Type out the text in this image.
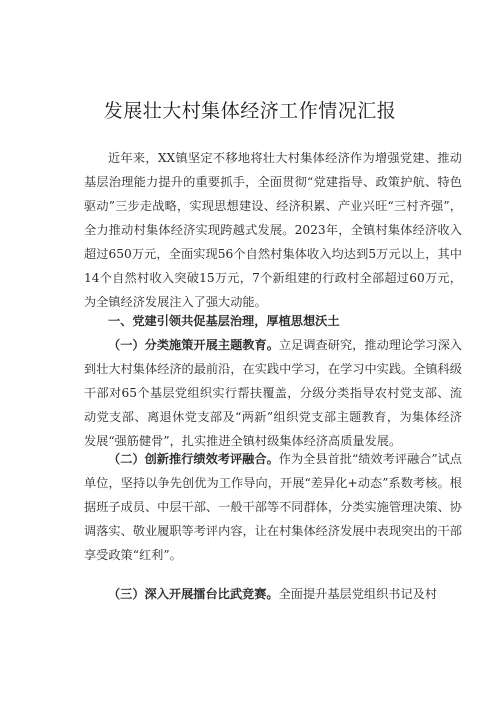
发展壮大村集体经济工作情况汇报
近年来，XX镇坚定不移地将壮大村集体经济作为增强党建、推动基层治理能力提升的重要抓手，全面贯彻“党建指导、政策护航、特色驱动”三步走战略，实现思想建设、经济积累、产业兴旺“三村齐强”，全力推动村集体经济实现跨越式发展。2023年，全镇村集体经济收入超过650万元，全面实现56个自然村集体收入均达到5万元以上，其中14个自然村收入突破15万元，7个新组建的行政村全部超过60万元，为全镇经济发展注入了强大动能。
一、党建引领共促基层治理，厚植思想沃土
（一）分类施策开展主题教育。立足调查研究，推动理论学习深入到壮大村集体经济的最前沿，在实践中学习，在学习中实践。全镇科级干部对65个基层党组织实行帮扶覆盖，分级分类指导农村党支部、流动党支部、离退休党支部及“两新”组织党支部主题教育，为集体经济发展“强筋健骨”，扎实推进全镇村级集体经济高质量发展。
（二）创新推行绩效考评融合。作为全县首批“绩效考评融合”试点单位，坚持以争先创优为工作导向，开展“差异化+动态”系数考核。根据班子成员、中层干部、一般干部等不同群体，分类实施管理决策、协调落实、敬业履职等考评内容，让在村集体经济发展中表现突出的干部享受政策“红利”。
（三）深入开展擂台比武竞赛。全面提升基层党组织书记及村
